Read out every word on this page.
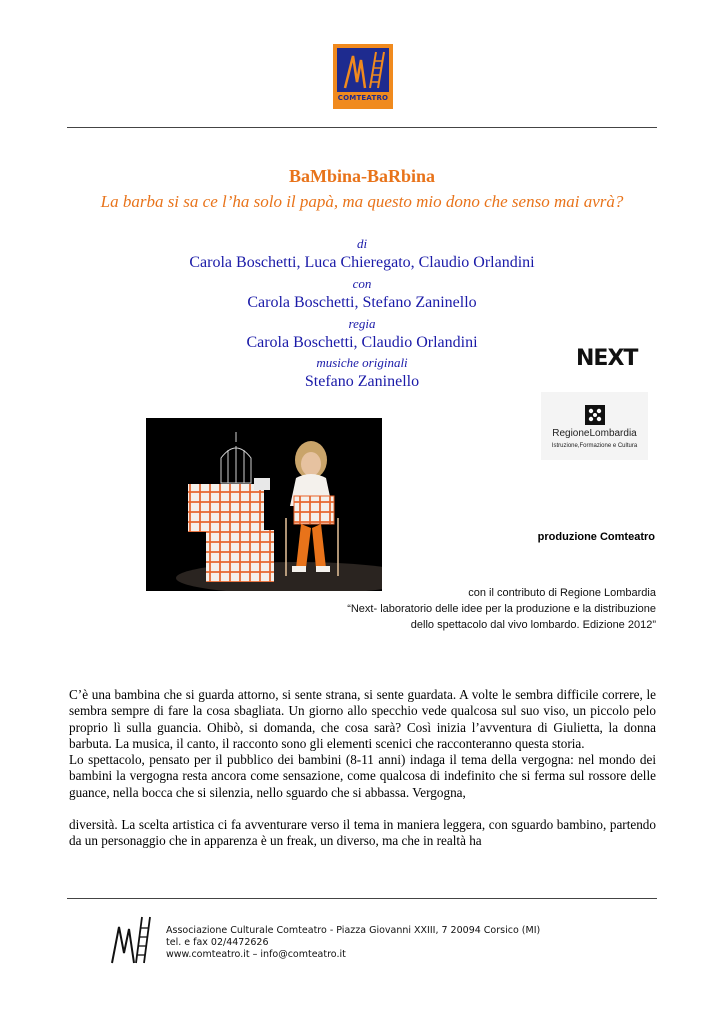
COMTEATRO
BaMbina-BaRbina
La barba si sa ce l’ha solo il papà, ma questo mio dono che senso mai avrà?
di
Carola Boschetti, Luca Chieregato, Claudio Orlandini
con
Carola Boschetti, Stefano Zaninello
regia
Carola Boschetti, Claudio Orlandini
musiche originali
Stefano Zaninello
NEXT
RegioneLombardia
Istruzione,Formazione e Cultura
produzione Comteatro
con il contributo di Regione Lombardia
“Next- laboratorio delle idee per la produzione e la distribuzione
dello spettacolo dal vivo lombardo. Edizione 2012”

C’è una bambina che si guarda attorno, si sente strana, si sente guardata. A volte le sembra difficile correre, le sembra sempre di fare la cosa sbagliata. Un giorno allo specchio vede qualcosa sul suo viso, un piccolo pelo proprio lì sulla guancia. Ohibò, si domanda, che cosa sarà? Così inizia l’avventura di Giulietta, la donna barbuta. La musica, il canto, il racconto sono gli elementi scenici che racconteranno questa storia.

Lo spettacolo, pensato per il pubblico dei bambini (8-11 anni) indaga il tema della vergogna: nel mondo dei bambini la vergogna resta ancora come sensazione, come qualcosa di indefinito che si ferma sul rossore delle guance, nella bocca che si silenzia, nello sguardo che si abbassa. Vergogna,

diversità. La scelta artistica ci fa avventurare verso il tema in maniera leggera, con sguardo bambino, partendo da un personaggio che in apparenza è un freak, un diverso, ma che in realtà ha

Associazione Culturale Comteatro - Piazza Giovanni XXIII, 7 20094 Corsico (MI)
tel. e fax 02/4472626
www.comteatro.it – info@comteatro.it
